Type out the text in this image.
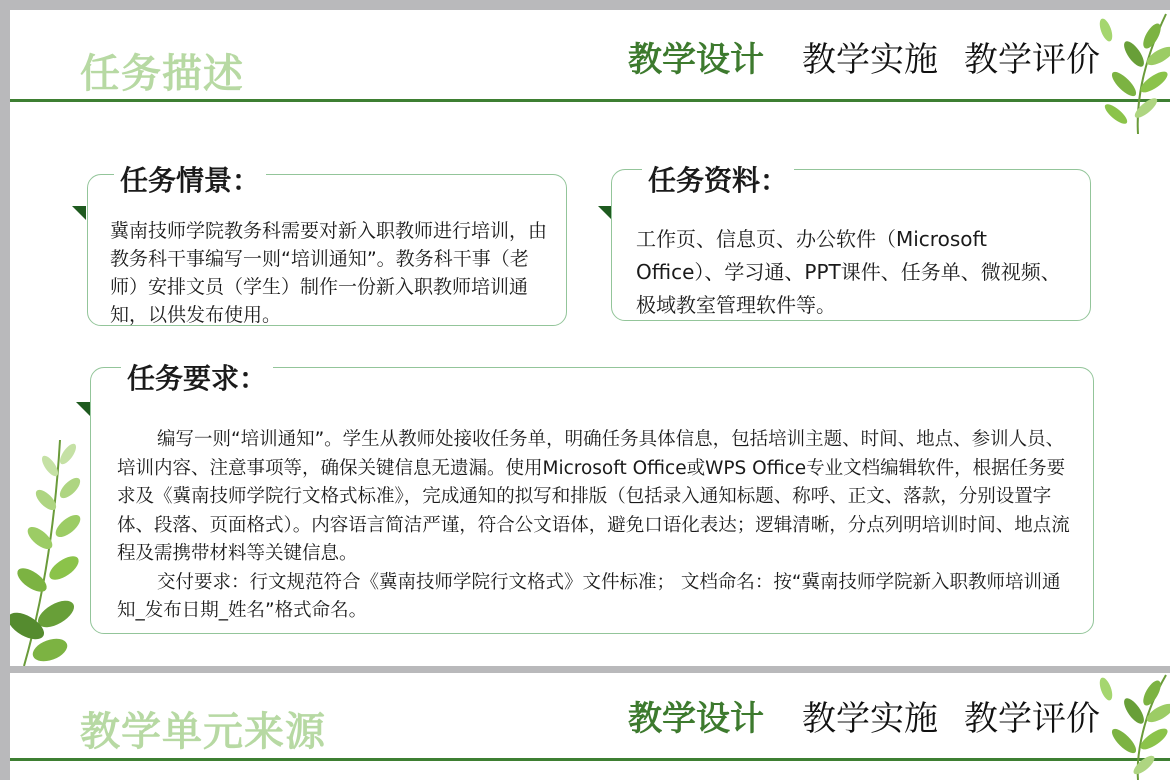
任务描述	教学设计 教学实施 教学评价
任务情景：
冀南技师学院教务科需要对新入职教师进行培训，由教务科干事编写一则“培训通知”。教务科干事（老师）安排文员（学生）制作一份新入职教师培训通知，以供发布使用。
任务资料：
工作页、信息页、办公软件（Microsoft Office）、学习通、PPT课件、任务单、微视频、极域教室管理软件等。
任务要求：
编写一则“培训通知”。学生从教师处接收任务单，明确任务具体信息，包括培训主题、时间、地点、参训人员、培训内容、注意事项等，确保关键信息无遗漏。使用Microsoft Office或WPS Office专业文档编辑软件，根据任务要求及《冀南技师学院行文格式标准》，完成通知的拟写和排版（包括录入通知标题、称呼、正文、落款，分别设置字体、段落、页面格式）。内容语言简洁严谨，符合公文语体，避免口语化表达；逻辑清晰，分点列明培训时间、地点流程及需携带材料等关键信息。
交付要求：行文规范符合《冀南技师学院行文格式》文件标准； 文档命名：按“冀南技师学院新入职教师培训通知_发布日期_姓名”格式命名。
教学单元来源	教学设计 教学实施 教学评价
